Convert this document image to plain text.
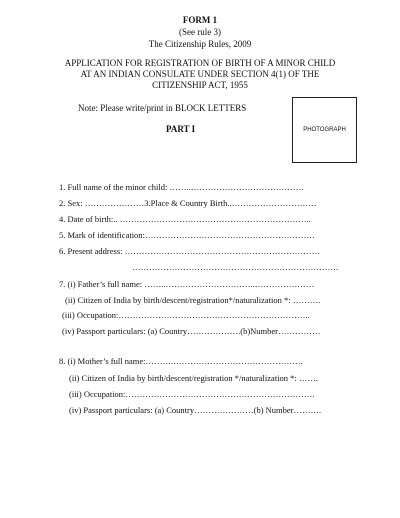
FORM 1
(See rule 3)
The Citizenship Rules, 2009
APPLICATION FOR REGISTRATION OF BIRTH OF A MINOR CHILD
AT AN INDIAN CONSULATE UNDER SECTION 4(1) OF THE
CITIZENSHIP ACT, 1955
Note: Please write/print in BLOCK LETTERS
PART I	PHOTOGRAPH
1. Full name of the minor child: ……..………………………………….
2. Sex: …………………3.Place & Country Birth..…………………………
4. Date of birth:.. …………………………………………………………..
5. Mark of identification:……………………………………………………
6. Present address: ……………………………………………………………
……………………………………………………………….
7. (i) Father’s full name: ……..…………………………..…………………
(ii) Citizen of India by birth/descent/registration*/naturalization *: ……….
(iii) Occupation:…………………………………………………………..
(iv) Passport particulars: (a) Country……………….(b)Number……………
8. (i) Mother’s full name:……….……………………………………….
(ii) Citizen of India by birth/descent/registration */naturalization *: …….
(iii) Occupation:………………………………………………………….
(iv) Passport particulars: (a) Country…………………(b) Number……….
